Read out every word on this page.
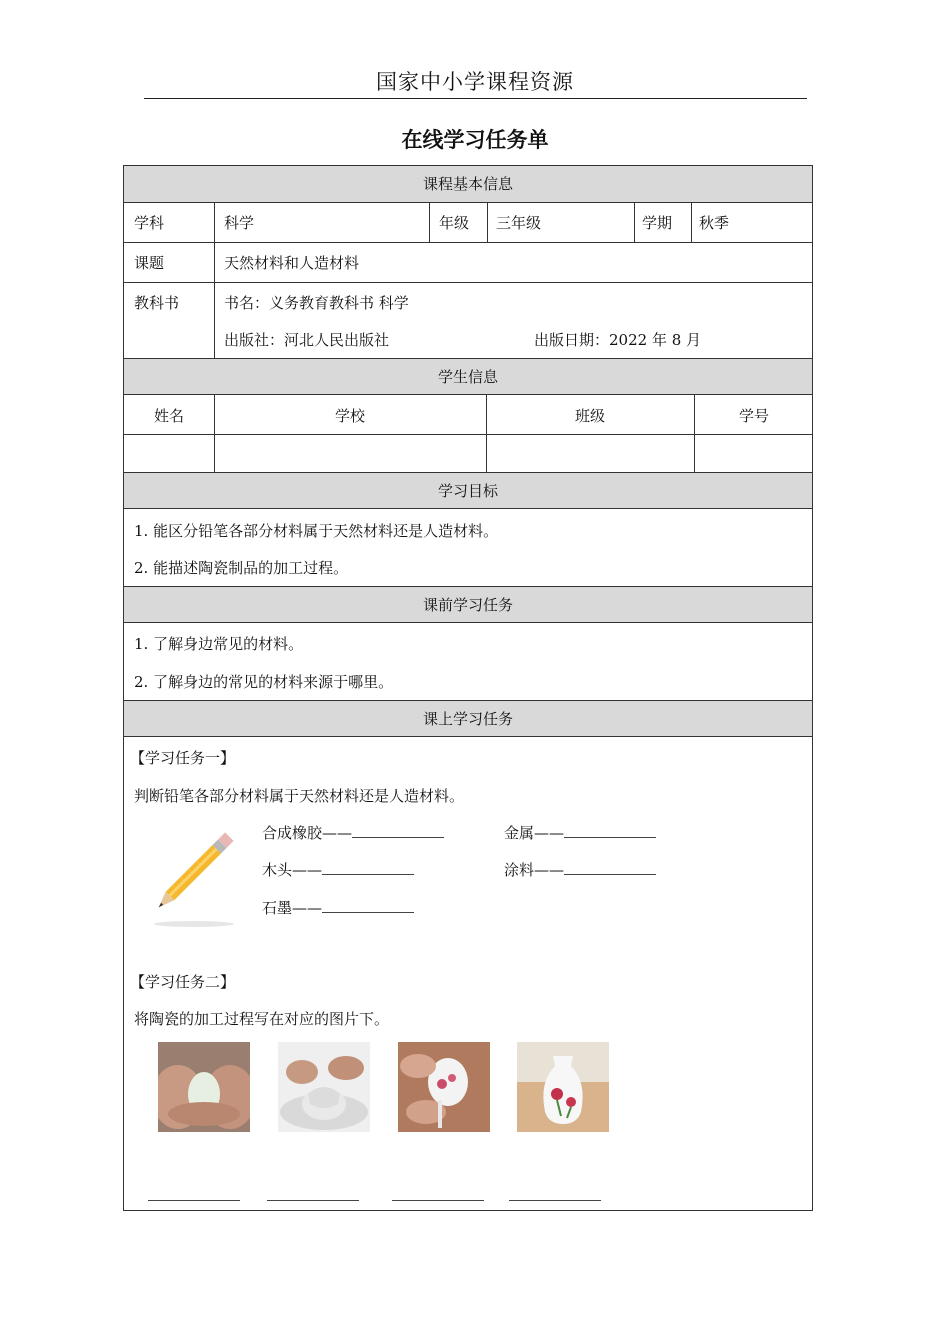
国家中小学课程资源
在线学习任务单
课程基本信息
学科	科学	年级 三年级	学期 秋季
课题	天然材料和人造材料
教科书	书名：义务教育教科书 科学
出版社：河北人民出版社	出版日期：2022 年 8 月
学生信息
姓名	学校	班级	学号
学习目标
1. 能区分铅笔各部分材料属于天然材料还是人造材料。
2. 能描述陶瓷制品的加工过程。
课前学习任务
1. 了解身边常见的材料。
2. 了解身边的常见的材料来源于哪里。
课上学习任务
【学习任务一】
判断铅笔各部分材料属于天然材料还是人造材料。
合成橡胶——	金属——
木头——	涂料——
石墨——
【学习任务二】
将陶瓷的加工过程写在对应的图片下。
